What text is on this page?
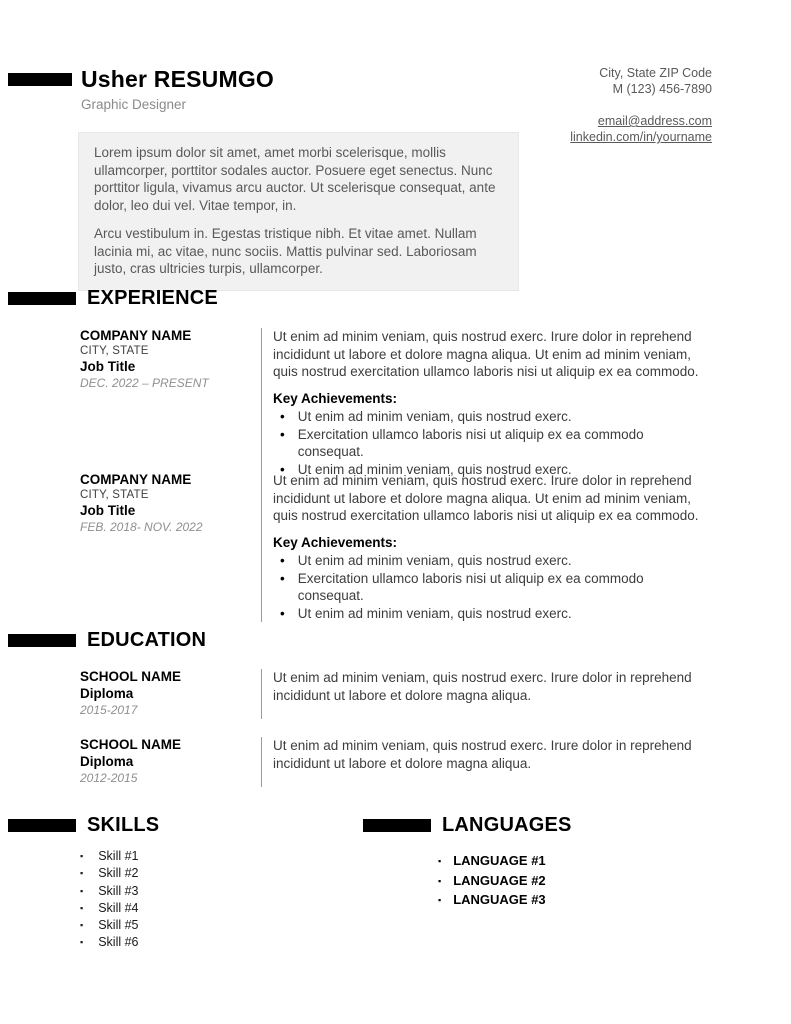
Usher RESUMGO
Graphic Designer
City, State ZIP Code
M (123) 456-7890
email@address.com
linkedin.com/in/yourname

Lorem ipsum dolor sit amet, amet morbi scelerisque, mollis ullamcorper, porttitor sodales auctor. Posuere eget senectus. Nunc porttitor ligula, vivamus arcu auctor. Ut scelerisque consequat, ante dolor, leo dui vel. Vitae tempor, in.

Arcu vestibulum in. Egestas tristique nibh. Et vitae amet. Nullam lacinia mi, ac vitae, nunc sociis. Mattis pulvinar sed. Laboriosam justo, cras ultricies turpis, ullamcorper.

EXPERIENCE
COMPANY NAME
CITY, STATE
Job Title
DEC. 2022 – PRESENT

Ut enim ad minim veniam, quis nostrud exerc. Irure dolor in reprehend incididunt ut labore et dolore magna aliqua. Ut enim ad minim veniam, quis nostrud exercitation ullamco laboris nisi ut aliquip ex ea commodo.

Key Achievements:
• Ut enim ad minim veniam, quis nostrud exerc.
• Exercitation ullamco laboris nisi ut aliquip ex ea commodo consequat.
• Ut enim ad minim veniam, quis nostrud exerc.
COMPANY NAME
CITY, STATE
Job Title
FEB. 2018- NOV. 2022

Ut enim ad minim veniam, quis nostrud exerc. Irure dolor in reprehend incididunt ut labore et dolore magna aliqua. Ut enim ad minim veniam, quis nostrud exercitation ullamco laboris nisi ut aliquip ex ea commodo.

Key Achievements:
• Ut enim ad minim veniam, quis nostrud exerc.
• Exercitation ullamco laboris nisi ut aliquip ex ea commodo consequat.
• Ut enim ad minim veniam, quis nostrud exerc.
EDUCATION
SCHOOL NAME
Diploma
2015-2017

Ut enim ad minim veniam, quis nostrud exerc. Irure dolor in reprehend incididunt ut labore et dolore magna aliqua.

SCHOOL NAME
Diploma
2012-2015

Ut enim ad minim veniam, quis nostrud exerc. Irure dolor in reprehend incididunt ut labore et dolore magna aliqua.

SKILLS
▪ Skill #1
▪ Skill #2
▪ Skill #3
▪ Skill #4
▪ Skill #5
▪ Skill #6
LANGUAGES
▪ LANGUAGE #1
▪ LANGUAGE #2
▪ LANGUAGE #3
